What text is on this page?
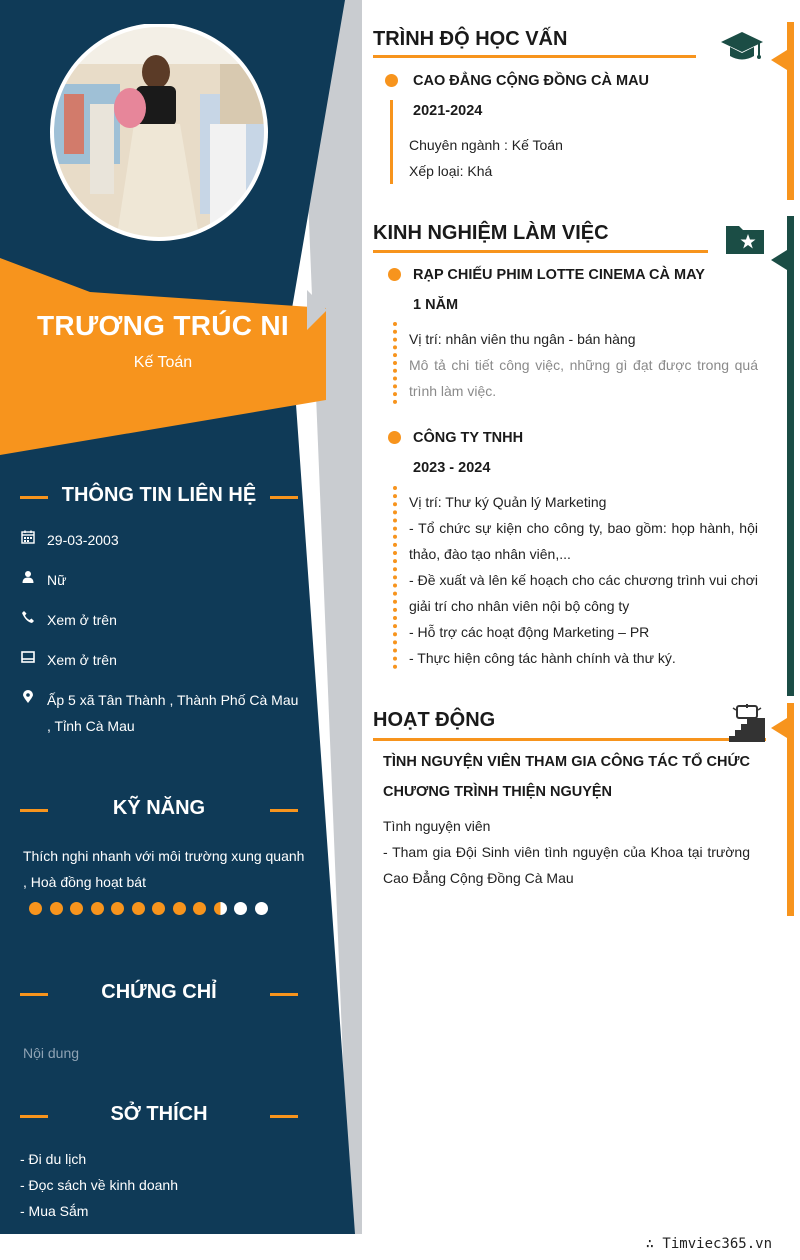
TRƯƠNG TRÚC NI
Kế Toán
THÔNG TIN LIÊN HỆ
29-03-2003
Nữ
Xem ở trên
Xem ở trên
Ấp 5 xã Tân Thành , Thành Phố Cà Mau , Tỉnh Cà Mau
KỸ NĂNG
Thích nghi nhanh với môi trường xung quanh , Hoà đồng hoạt bát
CHỨNG CHỈ
Nội dung
SỞ THÍCH
- Đi du lịch
- Đọc sách về kinh doanh
- Mua Sắm
TRÌNH ĐỘ HỌC VẤN
CAO ĐẲNG CỘNG ĐỒNG CÀ MAU
2021-2024
Chuyên ngành : Kế Toán
Xếp loại: Khá
KINH NGHIỆM LÀM VIỆC
RẠP CHIẾU PHIM LOTTE CINEMA CÀ MAY
1 NĂM
Vị trí: nhân viên thu ngân - bán hàng
Mô tả chi tiết công việc, những gì đạt được trong quá trình làm việc.
CÔNG TY TNHH
2023 - 2024
Vị trí: Thư ký Quản lý Marketing
- Tổ chức sự kiện cho công ty, bao gồm: họp hành, hội thảo, đào tạo nhân viên,...
- Đề xuất và lên kế hoạch cho các chương trình vui chơi giải trí cho nhân viên nội bộ công ty
- Hỗ trợ các hoạt động Marketing – PR
- Thực hiện công tác hành chính và thư ký.
HOẠT ĐỘNG
TÌNH NGUYỆN VIÊN THAM GIA CÔNG TÁC TỔ CHỨC CHƯƠNG TRÌNH THIỆN NGUYỆN
Tình nguyện viên
- Tham gia Đội Sinh viên tình nguyện của Khoa tại trường Cao Đẳng Cộng Đồng Cà Mau
∴ Timviec365.vn
